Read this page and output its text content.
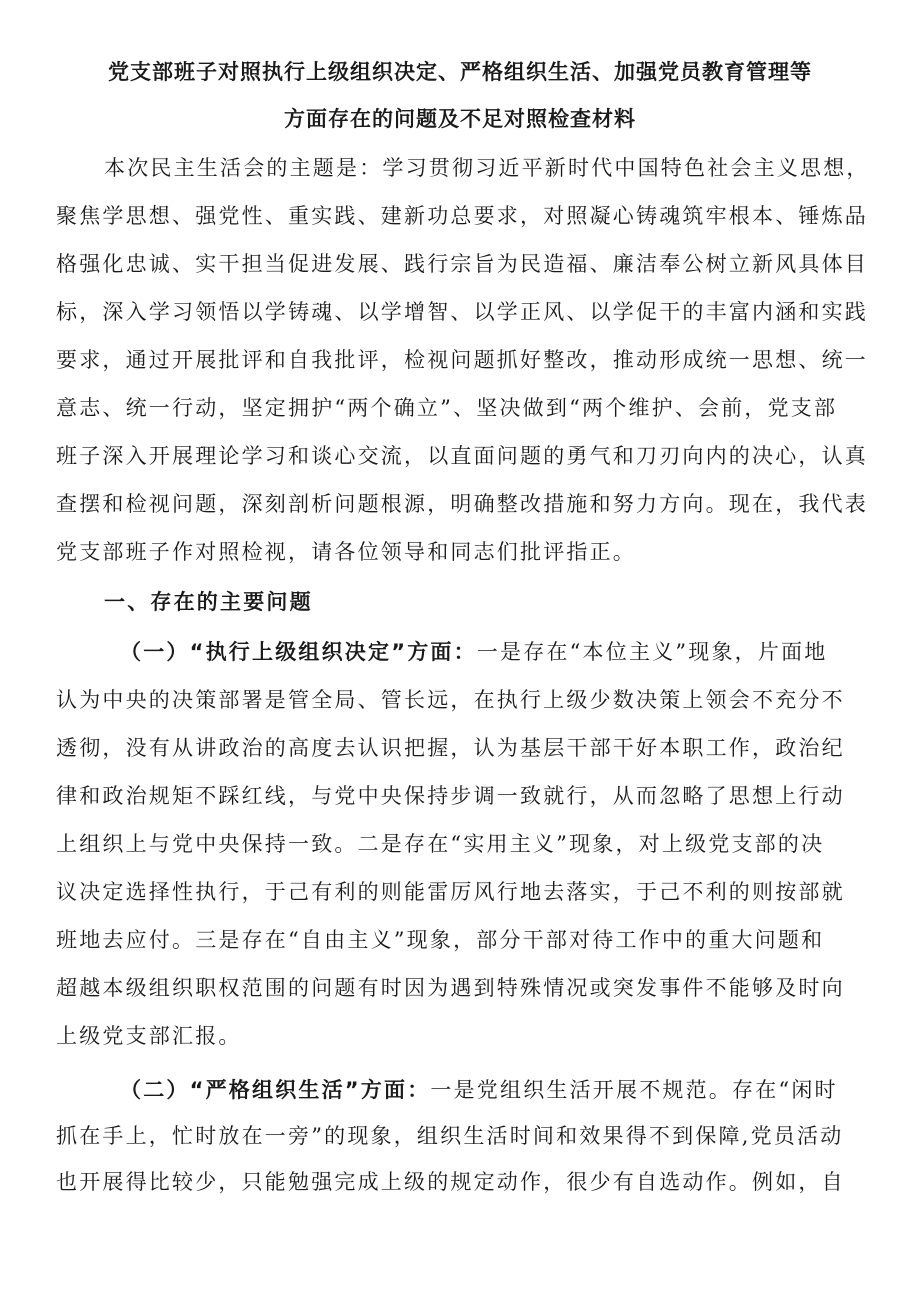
党支部班子对照执行上级组织决定、严格组织生活、加强党员教育管理等
方面存在的问题及不足对照检查材料
本次民主生活会的主题是：学习贯彻习近平新时代中国特色社会主义思想，
聚焦学思想、强党性、重实践、建新功总要求，对照凝心铸魂筑牢根本、锤炼品
格强化忠诚、实干担当促进发展、践行宗旨为民造福、廉洁奉公树立新风具体目
标，深入学习领悟以学铸魂、以学增智、以学正风、以学促干的丰富内涵和实践
要求，通过开展批评和自我批评，检视问题抓好整改，推动形成统一思想、统一
意志、统一行动，坚定拥护“两个确立”、坚决做到“两个维护、会前，党支部
班子深入开展理论学习和谈心交流，以直面问题的勇气和刀刃向内的决心，认真
查摆和检视问题，深刻剖析问题根源，明确整改措施和努力方向。现在，我代表
党支部班子作对照检视，请各位领导和同志们批评指正。
一、存在的主要问题
（一）“执行上级组织决定”方面：一是存在“本位主义”现象，片面地
认为中央的决策部署是管全局、管长远，在执行上级少数决策上领会不充分不
透彻，没有从讲政治的高度去认识把握，认为基层干部干好本职工作，政治纪
律和政治规矩不踩红线，与党中央保持步调一致就行，从而忽略了思想上行动
上组织上与党中央保持一致。二是存在“实用主义”现象，对上级党支部的决
议决定选择性执行，于己有利的则能雷厉风行地去落实，于己不利的则按部就
班地去应付。三是存在“自由主义”现象，部分干部对待工作中的重大问题和
超越本级组织职权范围的问题有时因为遇到特殊情况或突发事件不能够及时向
上级党支部汇报。
（二）“严格组织生活”方面：一是党组织生活开展不规范。存在“闲时
抓在手上，忙时放在一旁”的现象，组织生活时间和效果得不到保障,党员活动
也开展得比较少，只能勉强完成上级的规定动作，很少有自选动作。例如，自
